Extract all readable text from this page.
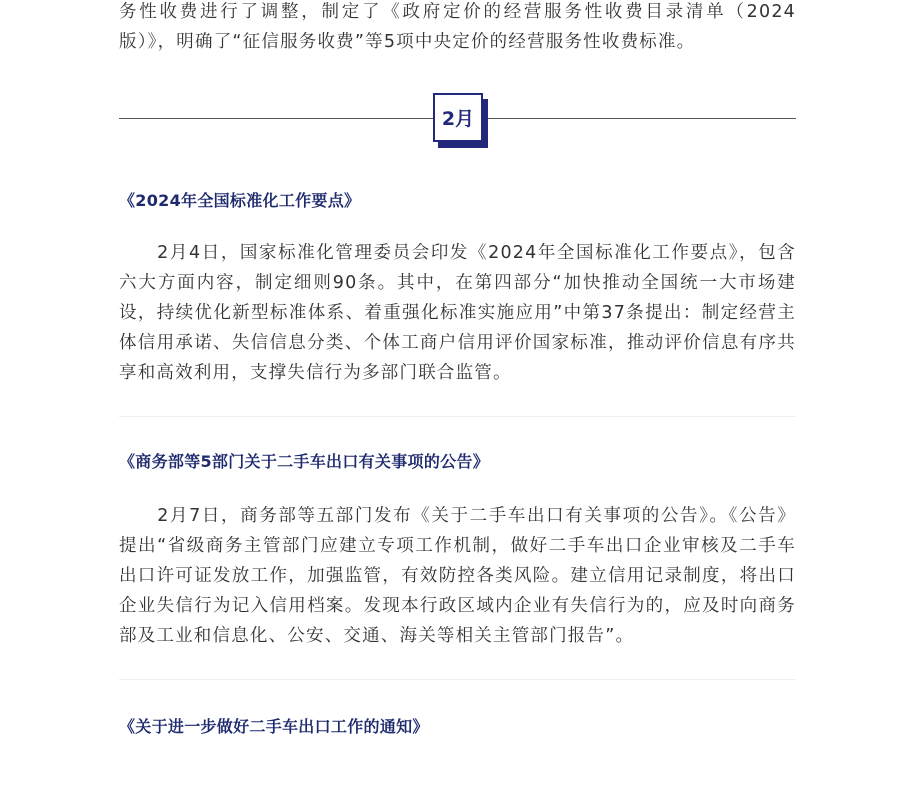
务性收费进行了调整，制定了《政府定价的经营服务性收费目录清单（2024版）》，明确了“征信服务收费”等5项中央定价的经营服务性收费标准。

2月

《2024年全国标准化工作要点》

　　2月4日，国家标准化管理委员会印发《2024年全国标准化工作要点》，包含六大方面内容，制定细则90条。其中，在第四部分“加快推动全国统一大市场建设，持续优化新型标准体系、着重强化标准实施应用”中第37条提出：制定经营主体信用承诺、失信信息分类、个体工商户信用评价国家标准，推动评价信息有序共享和高效利用，支撑失信行为多部门联合监管。

《商务部等5部门关于二手车出口有关事项的公告》

　　2月7日，商务部等五部门发布《关于二手车出口有关事项的公告》。《公告》提出“省级商务主管部门应建立专项工作机制，做好二手车出口企业审核及二手车出口许可证发放工作，加强监管，有效防控各类风险。建立信用记录制度，将出口企业失信行为记入信用档案。发现本行政区域内企业有失信行为的，应及时向商务部及工业和信息化、公安、交通、海关等相关主管部门报告”。

《关于进一步做好二手车出口工作的通知》
